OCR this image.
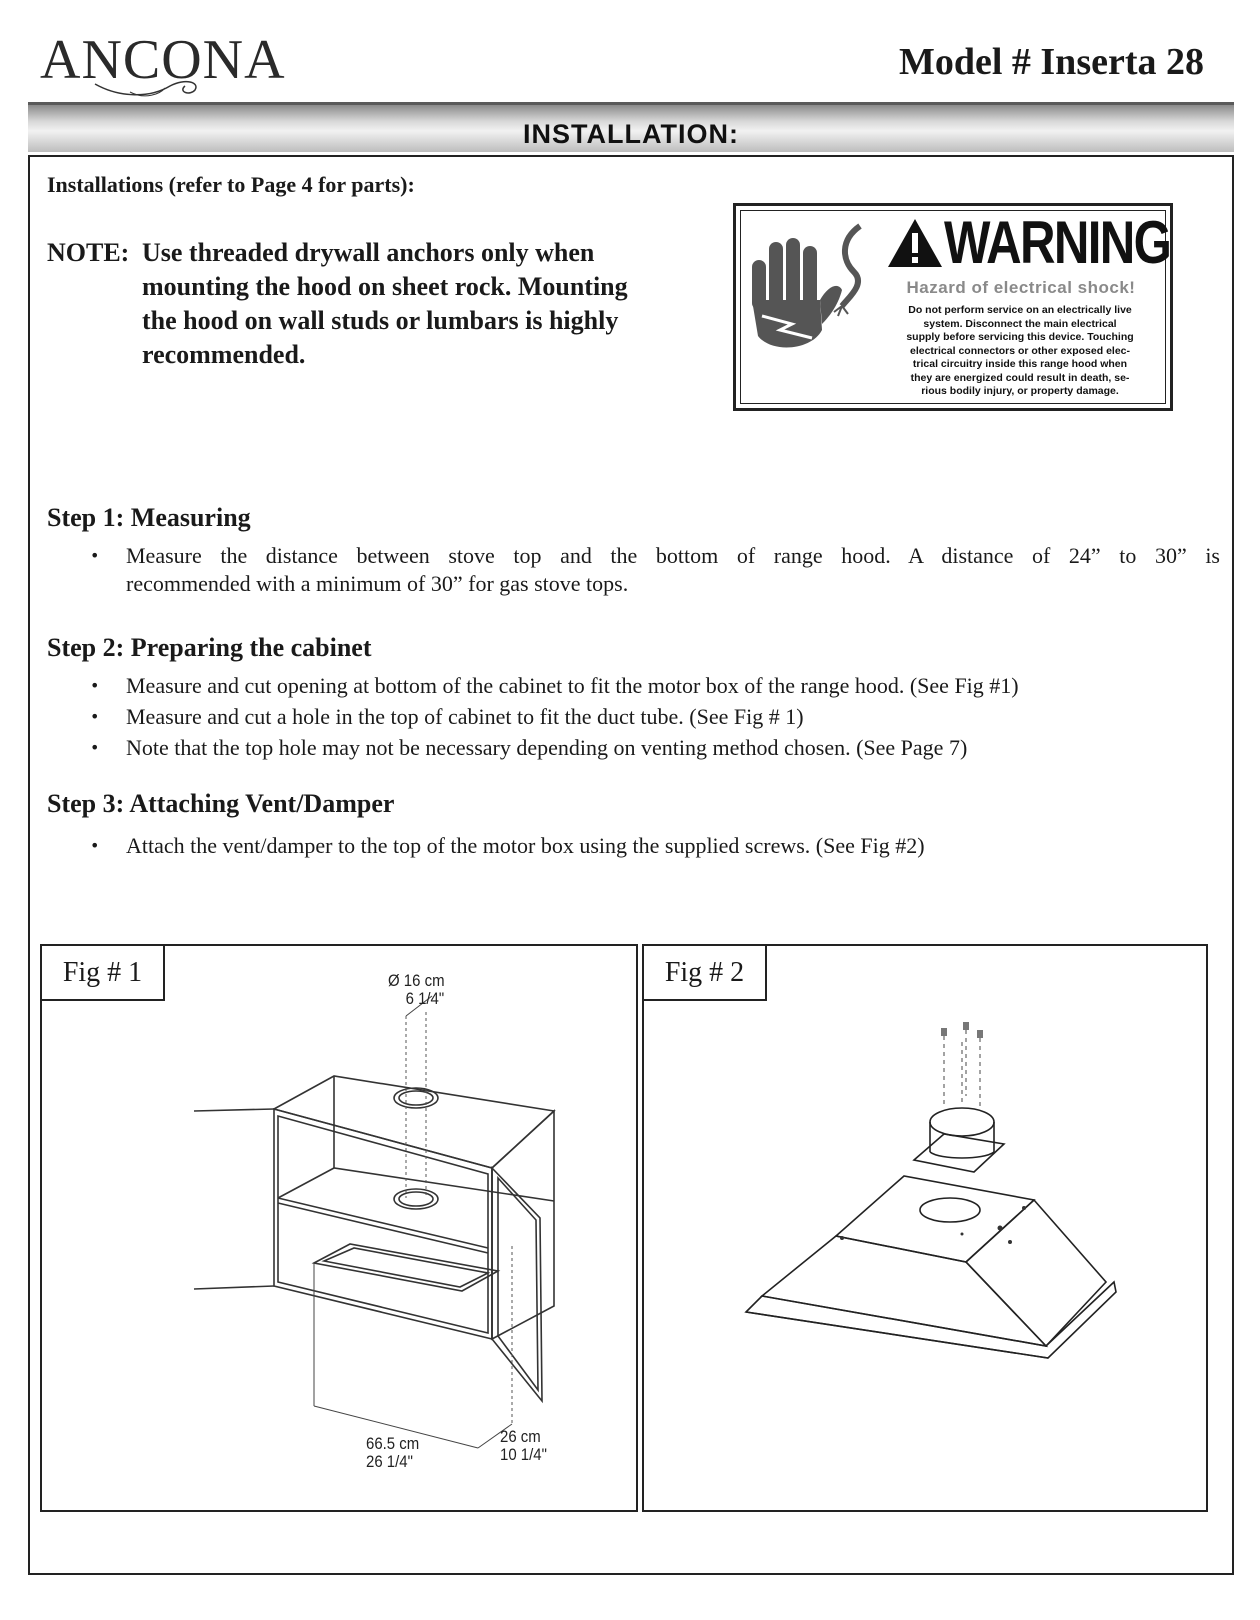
ANCONA	Model # Inserta 28
INSTALLATION:
Installations (refer to Page 4 for parts):
NOTE: Use threaded drywall anchors only when
mounting the hood on sheet rock. Mounting
the hood on wall studs or lumbars is highly
recommended.
WARNING
Hazard of electrical shock!
Do not perform service on an electrically live
system. Disconnect the main electrical
supply before servicing this device. Touching
electrical connectors or other exposed elec-
trical circuitry inside this range hood when
they are energized could result in death, se-
rious bodily injury, or property damage.
Step 1: Measuring
• Measure the distance between stove top and the bottom of range hood. A distance of 24” to 30” is
recommended with a minimum of 30” for gas stove tops.
Step 2: Preparing the cabinet
• Measure and cut opening at bottom of the cabinet to fit the motor box of the range hood. (See Fig #1)
• Measure and cut a hole in the top of cabinet to fit the duct tube. (See Fig # 1)
• Note that the top hole may not be necessary depending on venting method chosen. (See Page 7)
Step 3: Attaching Vent/Damper
• Attach the vent/damper to the top of the motor box using the supplied screws. (See Fig #2)
Fig # 1	Ø 16 cm
6 1/4"
66.5 cm
26 1/4"
26 cm
10 1/4"
Fig # 2
